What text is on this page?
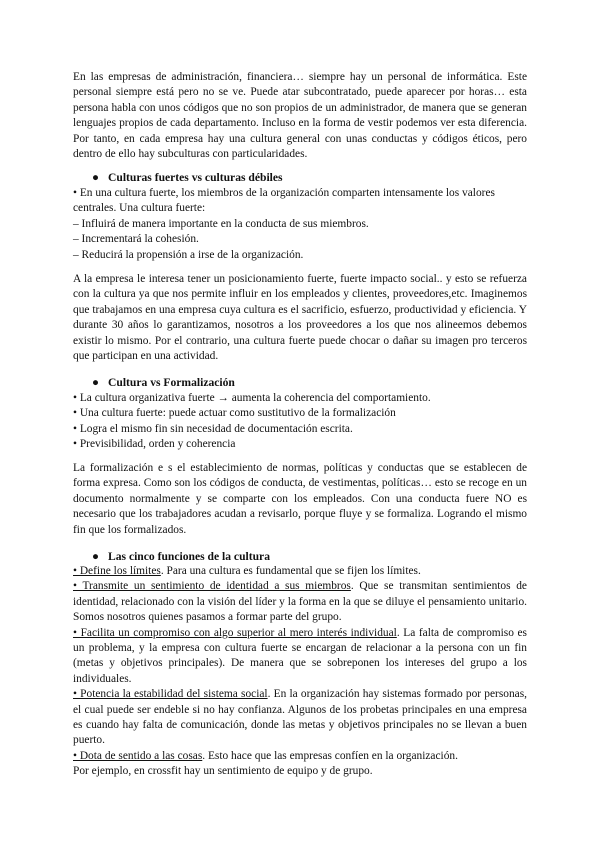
En las empresas de administración, financiera… siempre hay un personal de informática. Este personal siempre está pero no se ve. Puede atar subcontratado, puede aparecer por horas… esta persona habla con unos códigos que no son propios de un administrador, de manera que se generan lenguajes propios de cada departamento. Incluso en la forma de vestir podemos ver esta diferencia. Por tanto, en cada empresa hay una cultura general con unas conductas y códigos éticos, pero dentro de ello hay subculturas con particularidades.

● Culturas fuertes vs culturas débiles
• En una cultura fuerte, los miembros de la organización comparten intensamente los valores
centrales. Una cultura fuerte:
– Influirá de manera importante en la conducta de sus miembros.
– Incrementará la cohesión.
– Reducirá la propensión a irse de la organización.

A la empresa le interesa tener un posicionamiento fuerte, fuerte impacto social.. y esto se refuerza con la cultura ya que nos permite influir en los empleados y clientes, proveedores,etc. Imaginemos que trabajamos en una empresa cuya cultura es el sacrificio, esfuerzo, productividad y eficiencia. Y durante 30 años lo garantizamos, nosotros a los proveedores a los que nos alineemos debemos existir lo mismo. Por el contrario, una cultura fuerte puede chocar o dañar su imagen pro terceros que participan en una actividad.

● Cultura vs Formalización
• La cultura organizativa fuerte → aumenta la coherencia del comportamiento.
• Una cultura fuerte: puede actuar como sustitutivo de la formalización
• Logra el mismo fin sin necesidad de documentación escrita.
• Previsibilidad, orden y coherencia

La formalización e s el establecimiento de normas, políticas y conductas que se establecen de forma expresa. Como son los códigos de conducta, de vestimentas, políticas… esto se recoge en un documento normalmente y se comparte con los empleados. Con una conducta fuere NO es necesario que los trabajadores acudan a revisarlo, porque fluye y se formaliza. Logrando el mismo fin que los formalizados.

● Las cinco funciones de la cultura

• Define los límites. Para una cultura es fundamental que se fijen los límites.

• Transmite un sentimiento de identidad a sus miembros. Que se transmitan sentimientos de identidad, relacionado con la visión del líder y la forma en la que se diluye el pensamiento unitario. Somos nosotros quienes pasamos a formar parte del grupo.

• Facilita un compromiso con algo superior al mero interés individual. La falta de compromiso es un problema, y la empresa con cultura fuerte se encargan de relacionar a la persona con un fin (metas y objetivos principales). De manera que se sobreponen los intereses del grupo a los individuales.

• Potencia la estabilidad del sistema social. En la organización hay sistemas formado por personas, el cual puede ser endeble si no hay confianza. Algunos de los probetas principales en una empresa es cuando hay falta de comunicación, donde las metas y objetivos principales no se llevan a buen puerto.

• Dota de sentido a las cosas. Esto hace que las empresas confíen en la organización.

Por ejemplo, en crossfit hay un sentimiento de equipo y de grupo.
